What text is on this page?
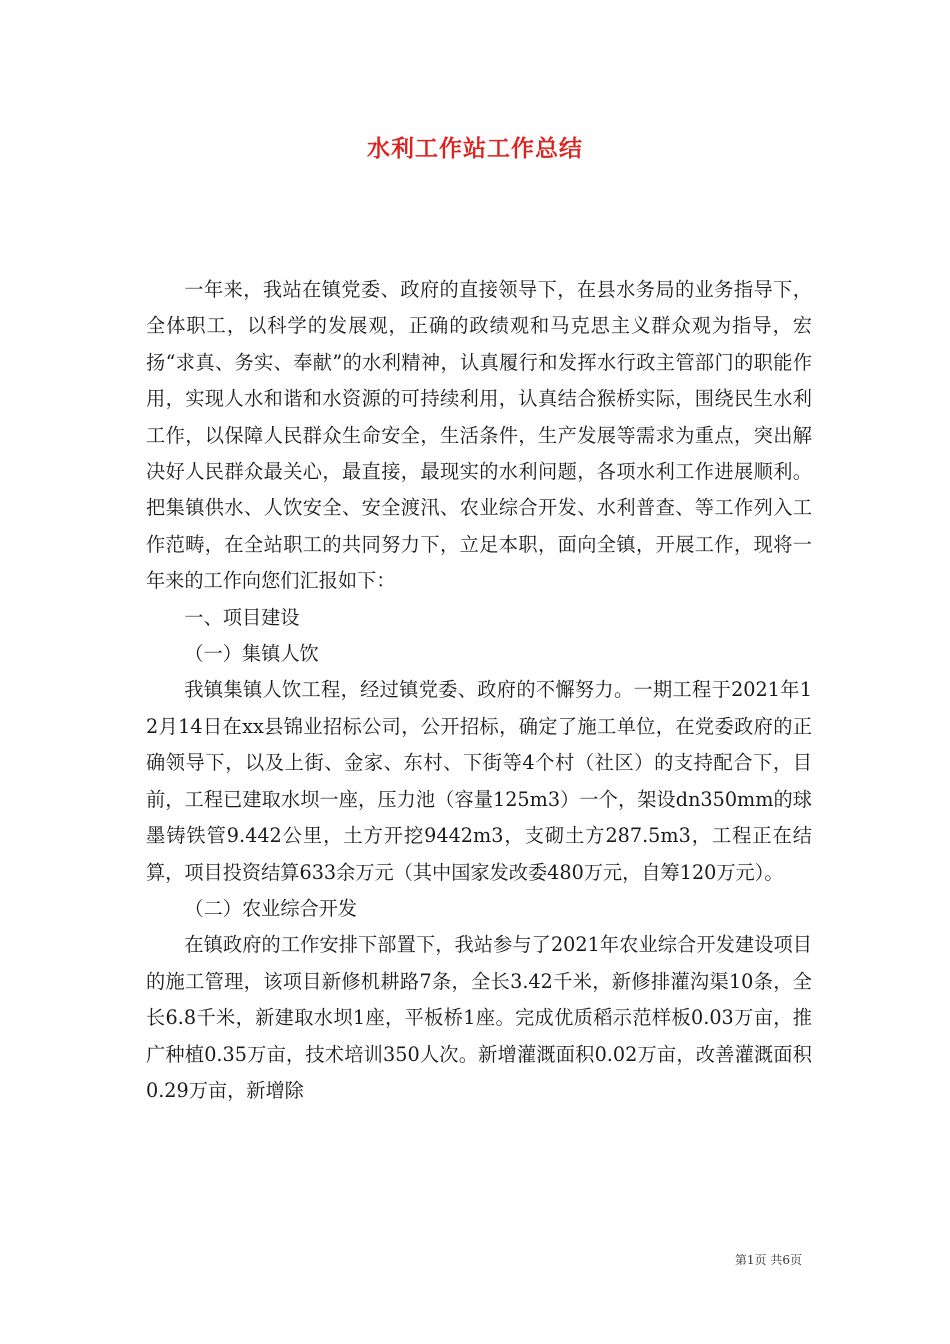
水利工作站工作总结

一年来，我站在镇党委、政府的直接领导下，在县水务局的业务指导下，全体职工，以科学的发展观，正确的政绩观和马克思主义群众观为指导，宏扬“求真、务实、奉献”的水利精神，认真履行和发挥水行政主管部门的职能作用，实现人水和谐和水资源的可持续利用，认真结合猴桥实际，围绕民生水利工作，以保障人民群众生命安全，生活条件，生产发展等需求为重点，突出解决好人民群众最关心，最直接，最现实的水利问题，各项水利工作进展顺利。把集镇供水、人饮安全、安全渡汛、农业综合开发、水利普查、等工作列入工作范畴，在全站职工的共同努力下，立足本职，面向全镇，开展工作，现将一年来的工作向您们汇报如下：

一、项目建设

（一）集镇人饮

我镇集镇人饮工程，经过镇党委、政府的不懈努力。一期工程于2021年12月14日在xx县锦业招标公司，公开招标，确定了施工单位，在党委政府的正确领导下，以及上街、金家、东村、下街等4个村（社区）的支持配合下，目前，工程已建取水坝一座，压力池（容量125m3）一个，架设dn350mm的球墨铸铁管9.442公里，土方开挖9442m3，支砌土方287.5m3，工程正在结算，项目投资结算633余万元（其中国家发改委480万元，自筹120万元）。

（二）农业综合开发

在镇政府的工作安排下部置下，我站参与了2021年农业综合开发建设项目的施工管理，该项目新修机耕路7条，全长3.42千米，新修排灌沟渠10条，全长6.8千米，新建取水坝1座，平板桥1座。完成优质稻示范样板0.03万亩，推广种植0.35万亩，技术培训350人次。新增灌溉面积0.02万亩，改善灌溉面积0.29万亩，新增除

第1页 共6页
